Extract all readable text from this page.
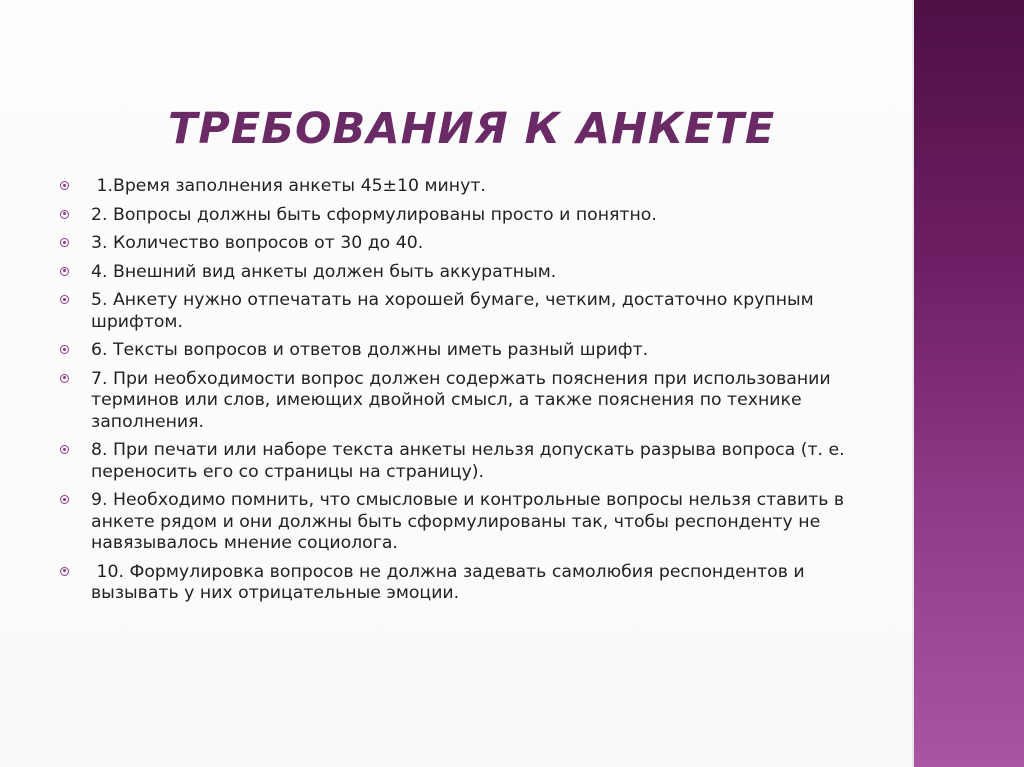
ТРЕБОВАНИЯ К АНКЕТЕ
1.Время заполнения анкеты 45±10 минут.
2. Вопросы должны быть сформулированы просто и понятно.
3. Количество вопросов от 30 до 40.
4. Внешний вид анкеты должен быть аккуратным.
5. Анкету нужно отпечатать на хорошей бумаге, четким, достаточно крупным шрифтом.
6. Тексты вопросов и ответов должны иметь разный шрифт.
7. При необходимости вопрос должен содержать пояснения при использовании терминов или слов, имеющих двойной смысл, а также пояснения по технике заполнения.
8. При печати или наборе текста анкеты нельзя допускать разрыва вопроса (т. е. переносить его со страницы на страницу).
9. Необходимо помнить, что смысловые и контрольные вопросы нельзя ставить в анкете рядом и они должны быть сформулированы так, чтобы респонденту не навязывалось мнение социолога.
10. Формулировка вопросов не должна задевать самолюбия респондентов и вызывать у них отрицательные эмоции.
